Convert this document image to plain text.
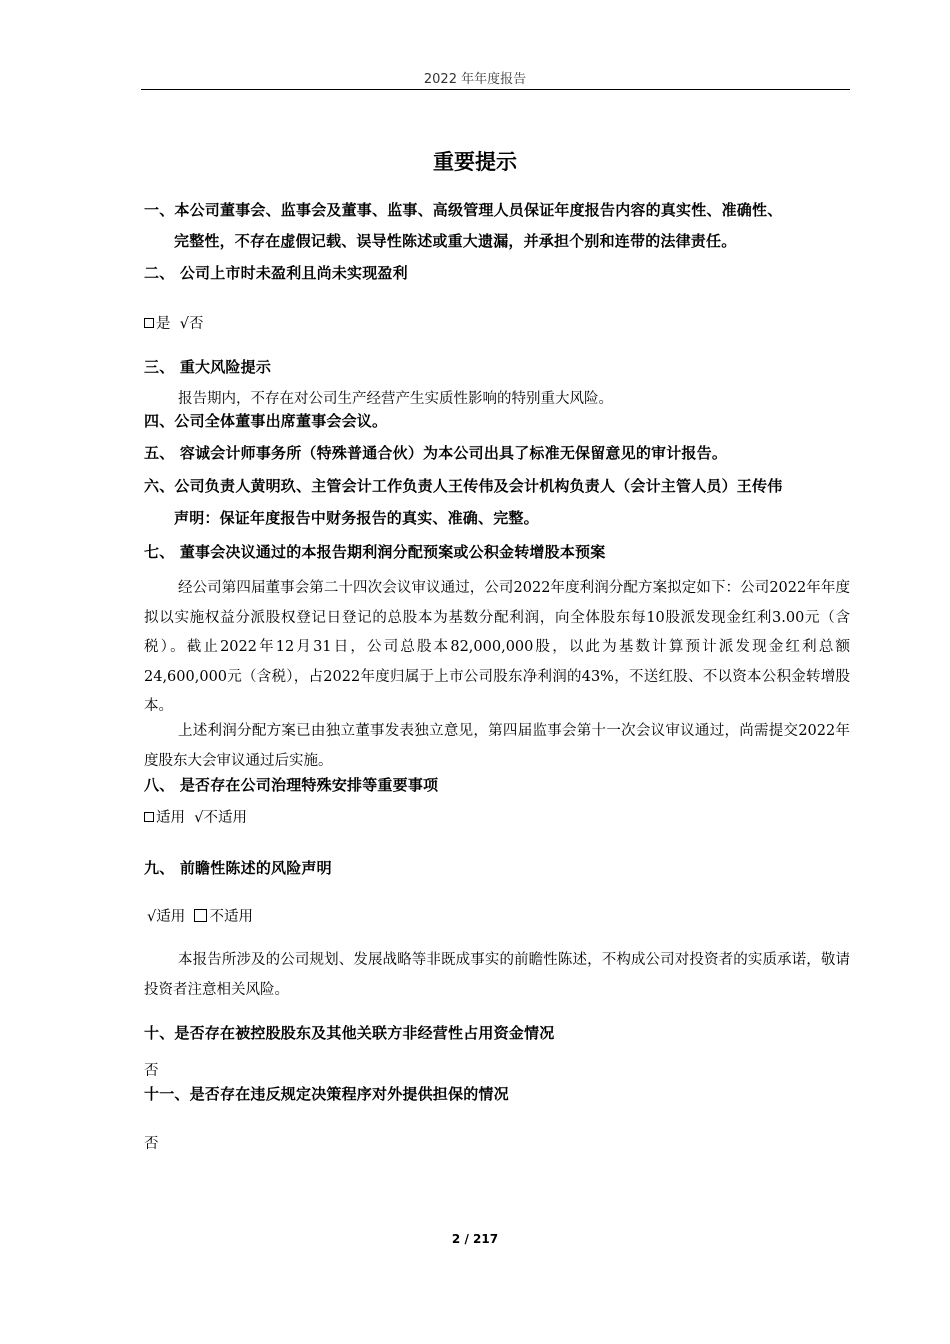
2022 年年度报告
重要提示
一、本公司董事会、监事会及董事、监事、高级管理人员保证年度报告内容的真实性、准确性、
完整性，不存在虚假记载、误导性陈述或重大遗漏，并承担个别和连带的法律责任。
二、 公司上市时未盈利且尚未实现盈利
是 √否
三、 重大风险提示
报告期内，不存在对公司生产经营产生实质性影响的特别重大风险。
四、公司全体董事出席董事会会议。
五、 容诚会计师事务所（特殊普通合伙）为本公司出具了标准无保留意见的审计报告。
六、公司负责人黄明玖、主管会计工作负责人王传伟及会计机构负责人（会计主管人员）王传伟
声明：保证年度报告中财务报告的真实、准确、完整。
七、 董事会决议通过的本报告期利润分配预案或公积金转增股本预案
经公司第四届董事会第二十四次会议审议通过，公司2022年度利润分配方案拟定如下：公司2022年年度拟以实施权益分派股权登记日登记的总股本为基数分配利润，向全体股东每10股派发现金红利3.00元（含税）。截止2022年12月31日，公司总股本82,000,000股，以此为基数计算预计派发现金红利总额24,600,000元（含税），占2022年度归属于上市公司股东净利润的43%，不送红股、不以资本公积金转增股本。
上述利润分配方案已由独立董事发表独立意见，第四届监事会第十一次会议审议通过，尚需提交2022年度股东大会审议通过后实施。
八、 是否存在公司治理特殊安排等重要事项
适用 √不适用
九、 前瞻性陈述的风险声明
√适用 不适用
本报告所涉及的公司规划、发展战略等非既成事实的前瞻性陈述，不构成公司对投资者的实质承诺，敬请投资者注意相关风险。
十、是否存在被控股股东及其他关联方非经营性占用资金情况
否
十一、是否存在违反规定决策程序对外提供担保的情况
否
2 / 217
